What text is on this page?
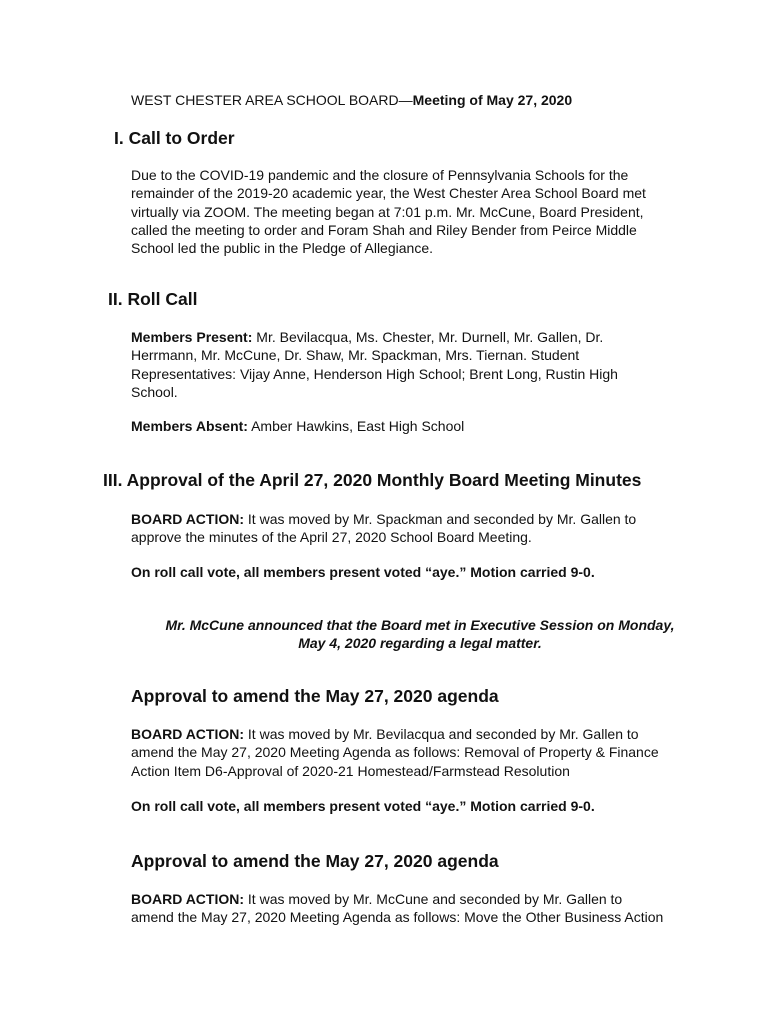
WEST CHESTER AREA SCHOOL BOARD—Meeting of May 27, 2020
I. Call to Order

Due to the COVID-19 pandemic and the closure of Pennsylvania Schools for the

remainder of the 2019-20 academic year, the West Chester Area School Board met

virtually via ZOOM. The meeting began at 7:01 p.m. Mr. McCune, Board President,

called the meeting to order and Foram Shah and Riley Bender from Peirce Middle

School led the public in the Pledge of Allegiance.

II. Roll Call

Members Present: Mr. Bevilacqua, Ms. Chester, Mr. Durnell, Mr. Gallen, Dr.

Herrmann, Mr. McCune, Dr. Shaw, Mr. Spackman, Mrs. Tiernan. Student

Representatives: Vijay Anne, Henderson High School; Brent Long, Rustin High

School.

Members Absent: Amber Hawkins, East High School

III. Approval of the April 27, 2020 Monthly Board Meeting Minutes

BOARD ACTION: It was moved by Mr. Spackman and seconded by Mr. Gallen to

approve the minutes of the April 27, 2020 School Board Meeting.

On roll call vote, all members present voted “aye.” Motion carried 9-0.
Mr. McCune announced that the Board met in Executive Session on Monday,
May 4, 2020 regarding a legal matter.
Approval to amend the May 27, 2020 agenda

BOARD ACTION: It was moved by Mr. Bevilacqua and seconded by Mr. Gallen to

amend the May 27, 2020 Meeting Agenda as follows: Removal of Property & Finance

Action Item D6-Approval of 2020-21 Homestead/Farmstead Resolution

On roll call vote, all members present voted “aye.” Motion carried 9-0.
Approval to amend the May 27, 2020 agenda

BOARD ACTION: It was moved by Mr. McCune and seconded by Mr. Gallen to

amend the May 27, 2020 Meeting Agenda as follows: Move the Other Business Action
